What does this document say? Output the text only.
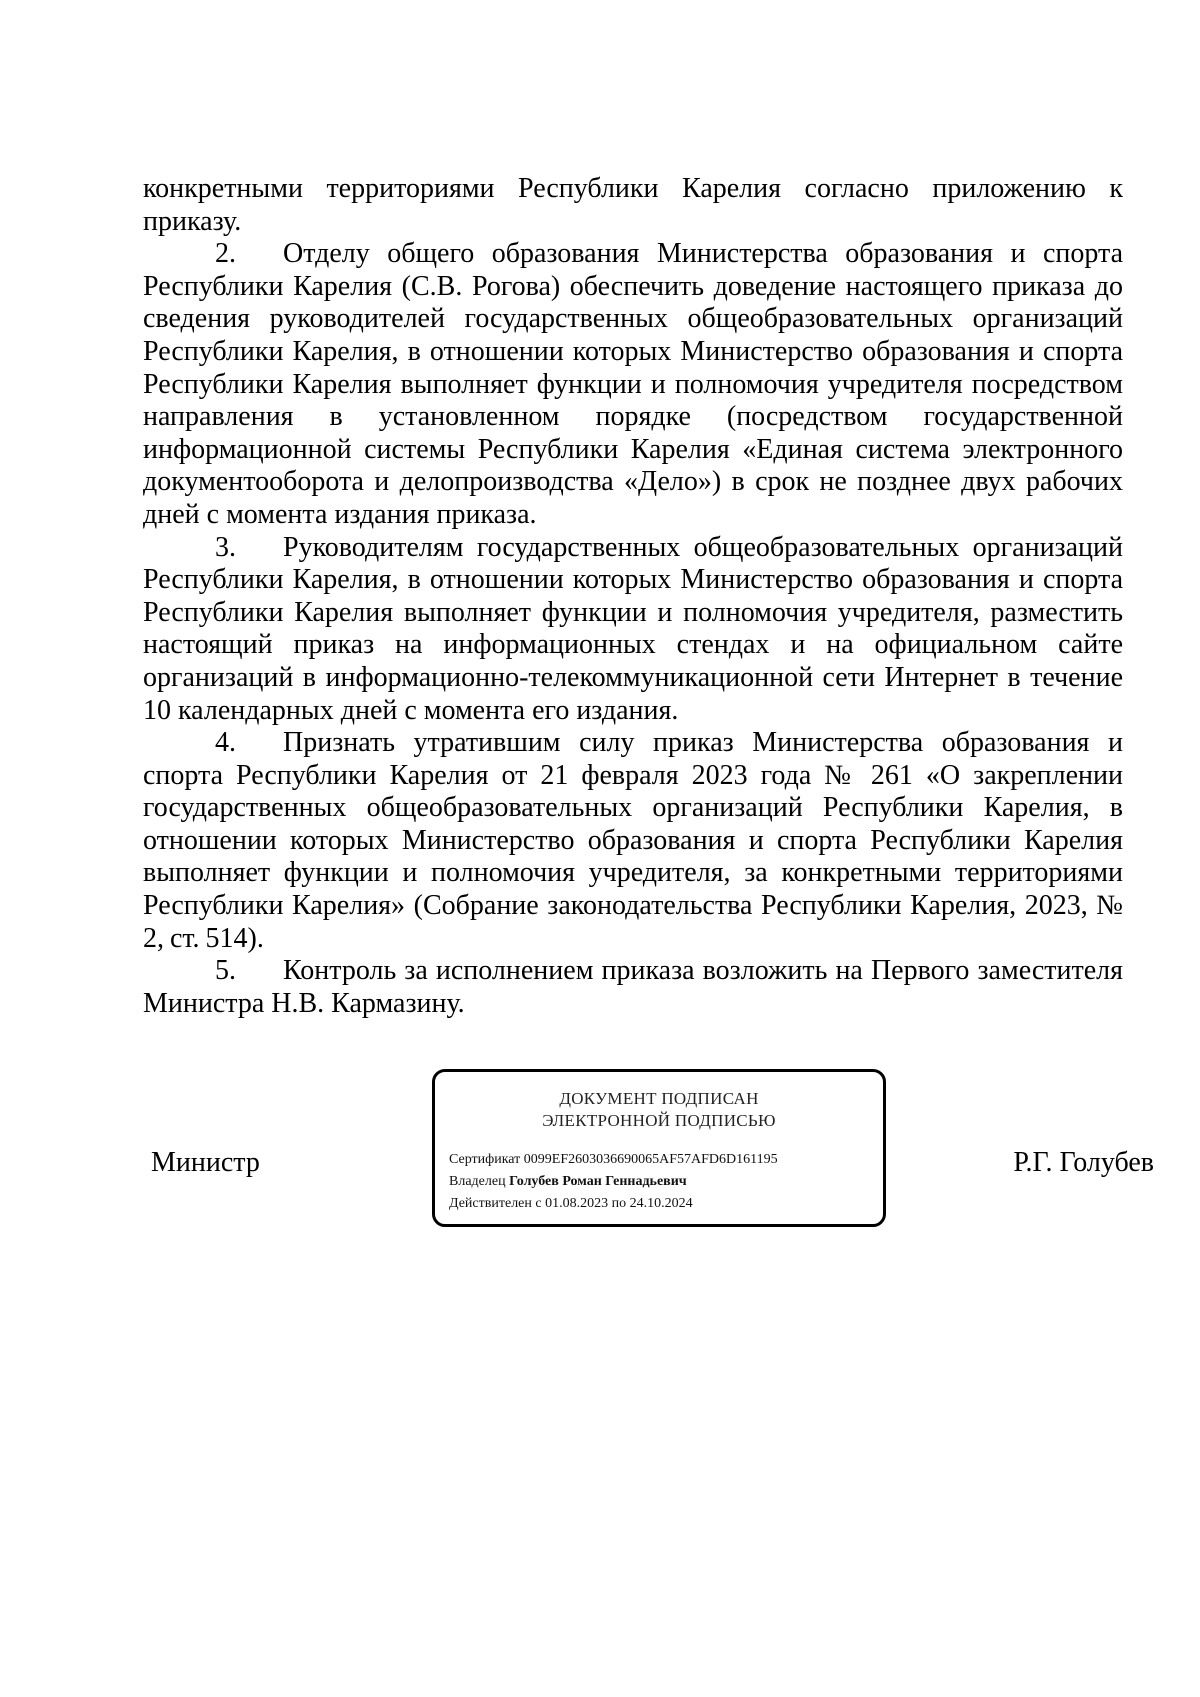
конкретными территориями Республики Карелия согласно приложению к приказу.

2. Отделу общего образования Министерства образования и спорта Республики Карелия (С.В. Рогова) обеспечить доведение настоящего приказа до сведения руководителей государственных общеобразовательных организаций Республики Карелия, в отношении которых Министерство образования и спорта Республики Карелия выполняет функции и полномочия учредителя посредством направления в установленном порядке (посредством государственной информационной системы Республики Карелия «Единая система электронного документооборота и делопроизводства «Дело») в срок не позднее двух рабочих дней с момента издания приказа.

3. Руководителям государственных общеобразовательных организаций Республики Карелия, в отношении которых Министерство образования и спорта Республики Карелия выполняет функции и полномочия учредителя, разместить настоящий приказ на информационных стендах и на официальном сайте организаций в информационно-телекоммуникационной сети Интернет в течение 10 календарных дней с момента его издания.

4. Признать утратившим силу приказ Министерства образования и спорта Республики Карелия от 21 февраля 2023 года № 261 «О закреплении государственных общеобразовательных организаций Республики Карелия, в отношении которых Министерство образования и спорта Республики Карелия выполняет функции и полномочия учредителя, за конкретными территориями Республики Карелия» (Собрание законодательства Республики Карелия, 2023, № 2, ст. 514).

5. Контроль за исполнением приказа возложить на Первого заместителя Министра Н.В. Кармазину.

Министр
ДОКУМЕНТ ПОДПИСАН
ЭЛЕКТРОННОЙ ПОДПИСЬЮ
Сертификат 0099EF2603036690065AF57AFD6D161195
Владелец Голубев Роман Геннадьевич
Действителен с 01.08.2023 по 24.10.2024
Р.Г. Голубев
